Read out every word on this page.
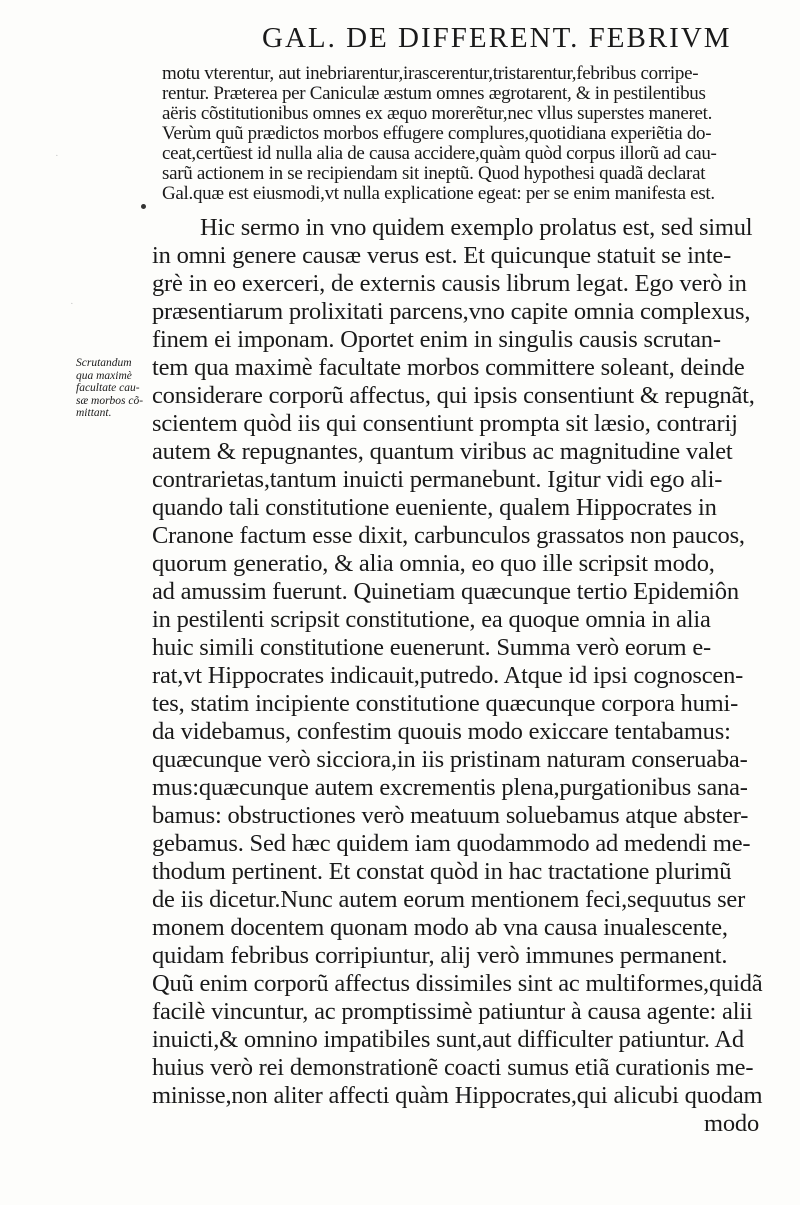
·
·
GAL. DE DIFFERENT. FEBRIVM
motu vterentur, aut inebriarentur,irascerentur,tristarentur,febribus corripe-
rentur. Præterea per Caniculæ æstum omnes ægrotarent, & in pestilentibus
aëris cõstitutionibus omnes ex æquo morerẽtur,nec vllus superstes maneret.
Verùm quũ prædictos morbos effugere complures,quotidiana experiẽtia do-
ceat,certũest id nulla alia de causa accidere,quàm quòd corpus illorũ ad cau-
sarũ actionem in se recipiendam sit ineptũ. Quod hypothesi quadã declarat
Gal.quæ est eiusmodi,vt nulla explicatione egeat: per se enim manifesta est.
Scrutandum
qua maximè
facultate cau-
sæ morbos cõ-
mittant.
Hic sermo in vno quidem exemplo prolatus est, sed simul
in omni genere causæ verus est. Et quicunque statuit se inte-
grè in eo exerceri, de externis causis librum legat. Ego verò in
præsentiarum prolixitati parcens,vno capite omnia complexus,
finem ei imponam. Oportet enim in singulis causis scrutan-
tem qua maximè facultate morbos committere soleant, deinde
considerare corporũ affectus, qui ipsis consentiunt & repugnãt,
scientem quòd iis qui consentiunt prompta sit læsio, contrarij
autem & repugnantes, quantum viribus ac magnitudine valet
contrarietas,tantum inuicti permanebunt. Igitur vidi ego ali-
quando tali constitutione eueniente, qualem Hippocrates in
Cranone factum esse dixit, carbunculos grassatos non paucos,
quorum generatio, & alia omnia, eo quo ille scripsit modo,
ad amussim fuerunt. Quinetiam quæcunque tertio Epidemiôn
in pestilenti scripsit constitutione, ea quoque omnia in alia
huic simili constitutione euenerunt. Summa verò eorum e-
rat,vt Hippocrates indicauit,putredo. Atque id ipsi cognoscen-
tes, statim incipiente constitutione quæcunque corpora humi-
da videbamus, confestim quouis modo exiccare tentabamus:
quæcunque verò sicciora,in iis pristinam naturam conseruaba-
mus:quæcunque autem excrementis plena,purgationibus sana-
bamus: obstructiones verò meatuum soluebamus atque abster-
gebamus. Sed hæc quidem iam quodammodo ad medendi me-
thodum pertinent. Et constat quòd in hac tractatione plurimũ
de iis dicetur.Nunc autem eorum mentionem feci,sequutus ser
monem docentem quonam modo ab vna causa inualescente,
quidam febribus corripiuntur, alij verò immunes permanent.
Quũ enim corporũ affectus dissimiles sint ac multiformes,quidã
facilè vincuntur, ac promptissimè patiuntur à causa agente: alii
inuicti,& omnino impatibiles sunt,aut difficulter patiuntur. Ad
huius verò rei demonstrationẽ coacti sumus etiã curationis me-
minisse,non aliter affecti quàm Hippocrates,qui alicubi quodam
modo
